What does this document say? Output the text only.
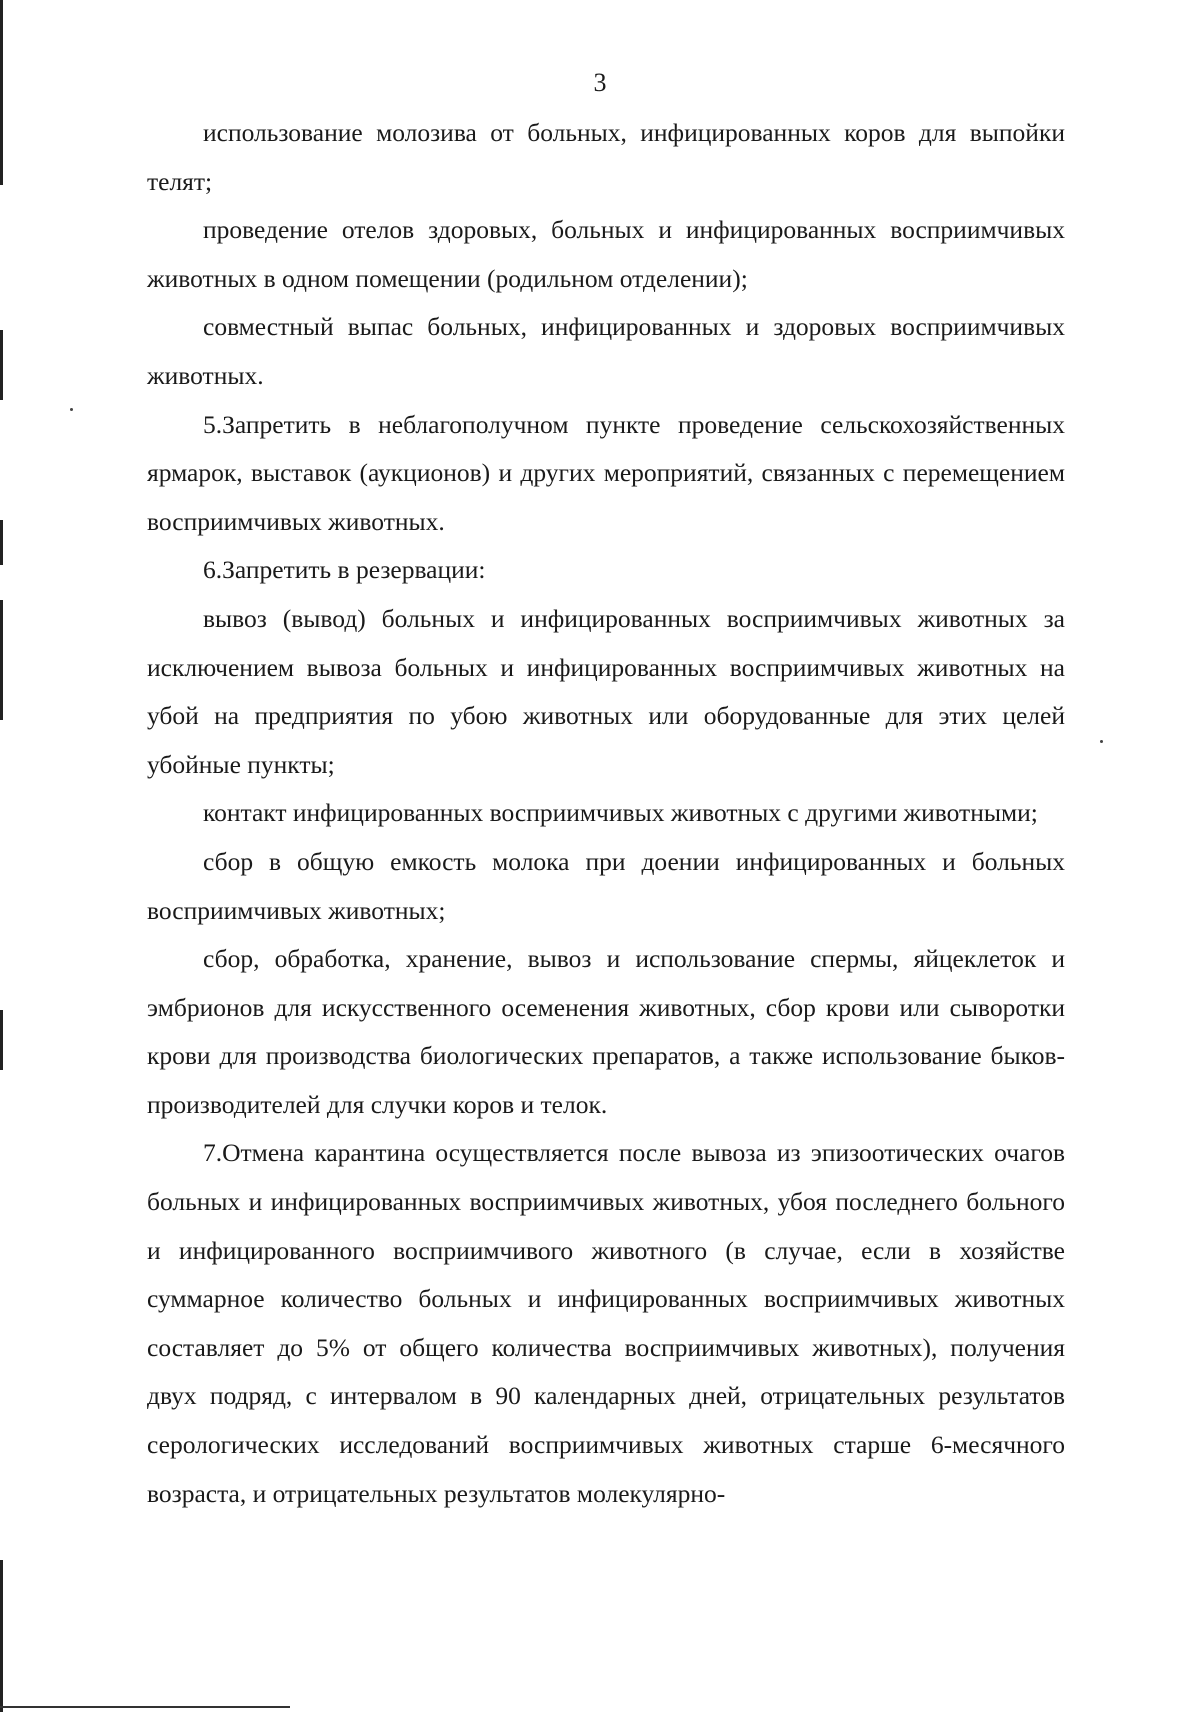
3

использование молозива от больных, инфицированных коров для выпойки телят;

проведение отелов здоровых, больных и инфицированных восприимчивых животных в одном помещении (родильном отделении);

совместный выпас больных, инфицированных и здоровых восприимчивых животных.

5.Запретить в неблагополучном пункте проведение сельскохозяйственных ярмарок, выставок (аукционов) и других мероприятий, связанных с перемещением восприимчивых животных.

6.Запретить в резервации:

вывоз (вывод) больных и инфицированных восприимчивых животных за исключением вывоза больных и инфицированных восприимчивых животных на убой на предприятия по убою животных или оборудованные для этих целей убойные пункты;

контакт инфицированных восприимчивых животных с другими животными;

сбор в общую емкость молока при доении инфицированных и больных восприимчивых животных;

сбор, обработка, хранение, вывоз и использование спермы, яйцеклеток и эмбрионов для искусственного осеменения животных, сбор крови или сыворотки крови для производства биологических препаратов, а также использование быков-производителей для случки коров и телок.

7.Отмена карантина осуществляется после вывоза из эпизоотических очагов больных и инфицированных восприимчивых животных, убоя последнего больного и инфицированного восприимчивого животного (в случае, если в хозяйстве суммарное количество больных и инфицированных восприимчивых животных составляет до 5% от общего количества восприимчивых животных), получения двух подряд, с интервалом в 90 календарных дней, отрицательных результатов серологических исследований восприимчивых животных старше 6-месячного возраста, и отрицательных результатов молекулярно-
